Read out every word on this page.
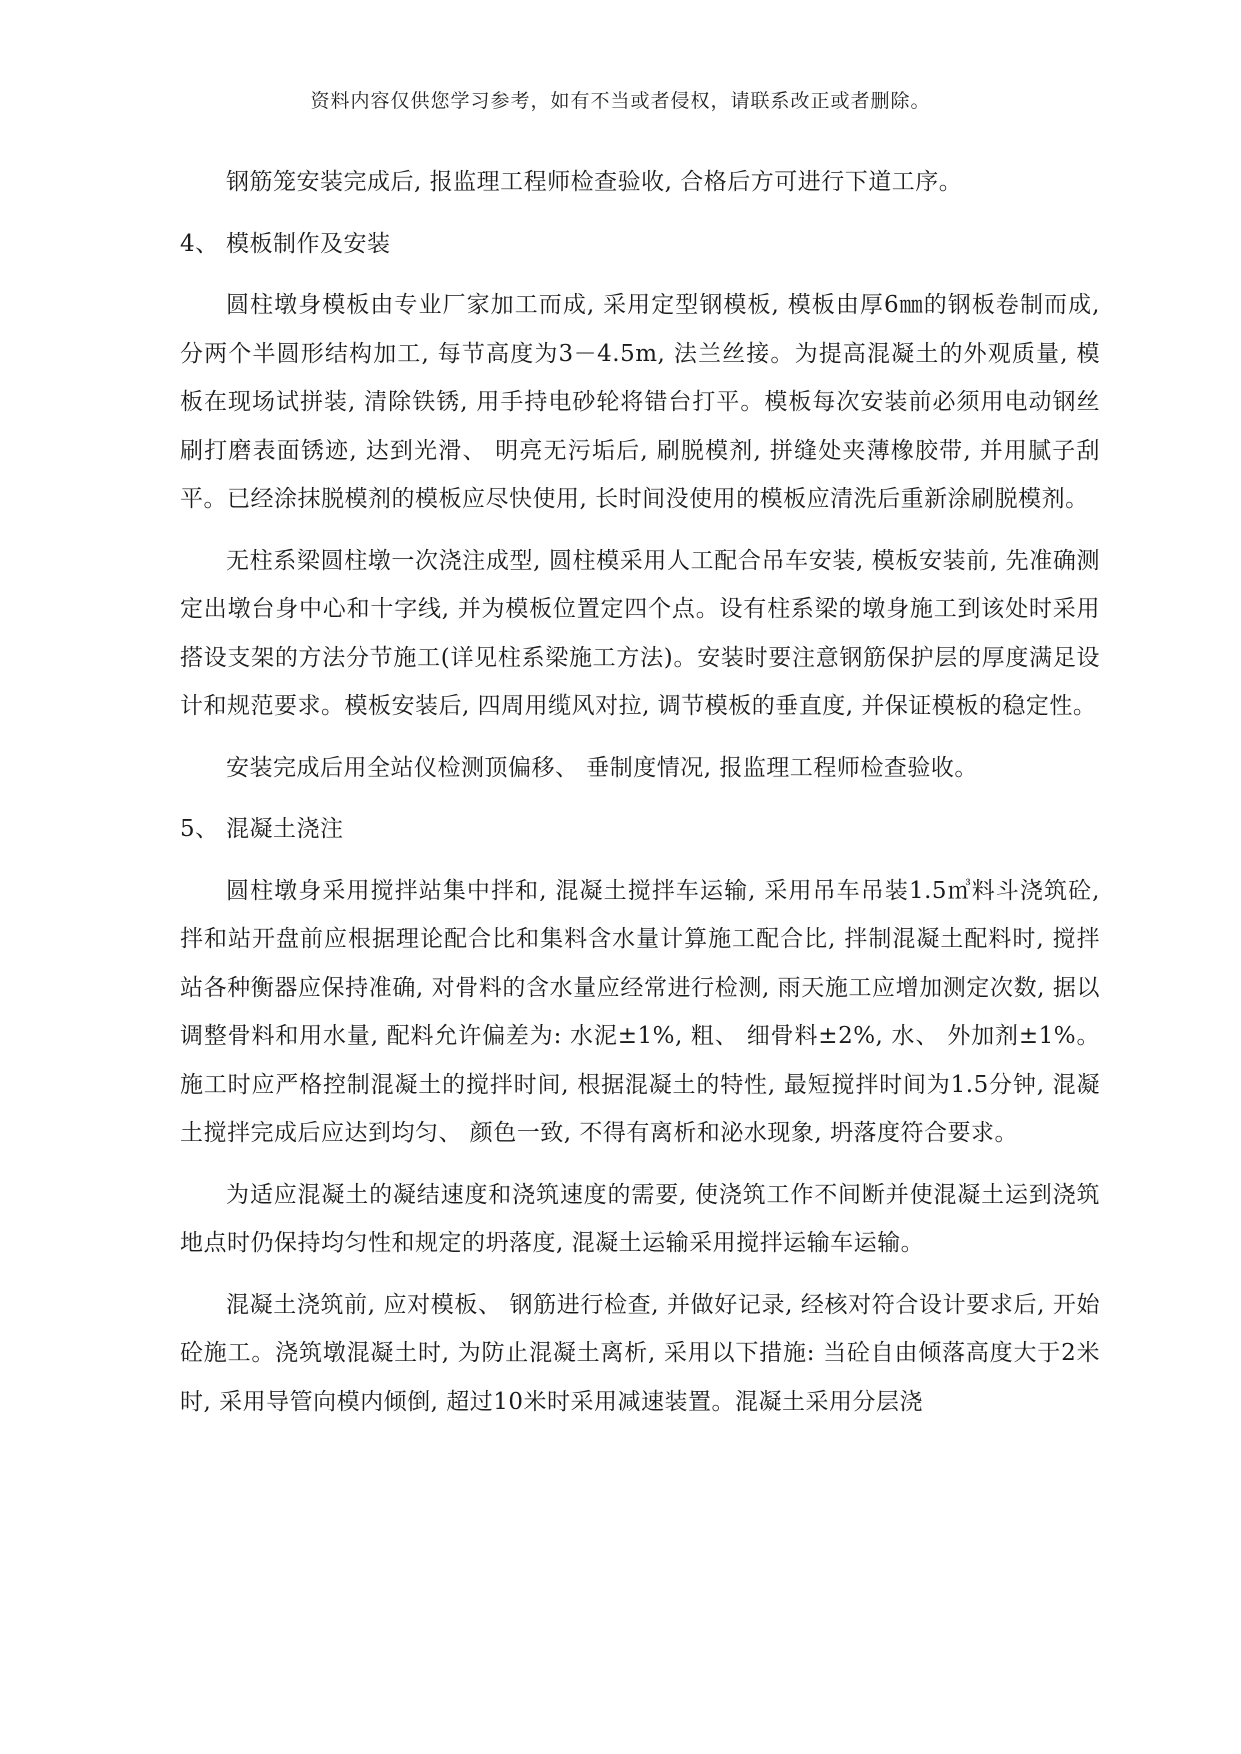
资料内容仅供您学习参考，如有不当或者侵权，请联系改正或者删除。

钢筋笼安装完成后, 报监理工程师检查验收, 合格后方可进行下道工序。

4、 模板制作及安装

圆柱墩身模板由专业厂家加工而成, 采用定型钢模板, 模板由厚6㎜的钢板卷制而成, 分两个半圆形结构加工, 每节高度为3－4.5m, 法兰丝接。为提高混凝土的外观质量, 模板在现场试拼装, 清除铁锈, 用手持电砂轮将错台打平。模板每次安装前必须用电动钢丝刷打磨表面锈迹, 达到光滑、 明亮无污垢后, 刷脱模剂, 拼缝处夹薄橡胶带, 并用腻子刮平。已经涂抹脱模剂的模板应尽快使用, 长时间没使用的模板应清洗后重新涂刷脱模剂。

无柱系梁圆柱墩一次浇注成型, 圆柱模采用人工配合吊车安装, 模板安装前, 先准确测定出墩台身中心和十字线, 并为模板位置定四个点。设有柱系梁的墩身施工到该处时采用搭设支架的方法分节施工(详见柱系梁施工方法)。安装时要注意钢筋保护层的厚度满足设计和规范要求。模板安装后, 四周用缆风对拉, 调节模板的垂直度, 并保证模板的稳定性。

安装完成后用全站仪检测顶偏移、 垂制度情况, 报监理工程师检查验收。

5、 混凝土浇注

圆柱墩身采用搅拌站集中拌和, 混凝土搅拌车运输, 采用吊车吊装1.5㎥料斗浇筑砼, 拌和站开盘前应根据理论配合比和集料含水量计算施工配合比, 拌制混凝土配料时, 搅拌站各种衡器应保持准确, 对骨料的含水量应经常进行检测, 雨天施工应增加测定次数, 据以调整骨料和用水量, 配料允许偏差为: 水泥±1%, 粗、 细骨料±2%, 水、 外加剂±1%。施工时应严格控制混凝土的搅拌时间, 根据混凝土的特性, 最短搅拌时间为1.5分钟, 混凝土搅拌完成后应达到均匀、 颜色一致, 不得有离析和泌水现象, 坍落度符合要求。

为适应混凝土的凝结速度和浇筑速度的需要, 使浇筑工作不间断并使混凝土运到浇筑地点时仍保持均匀性和规定的坍落度, 混凝土运输采用搅拌运输车运输。

混凝土浇筑前, 应对模板、 钢筋进行检查, 并做好记录, 经核对符合设计要求后, 开始砼施工。浇筑墩混凝土时, 为防止混凝土离析, 采用以下措施: 当砼自由倾落高度大于2米时, 采用导管向模内倾倒, 超过10米时采用减速装置。混凝土采用分层浇
